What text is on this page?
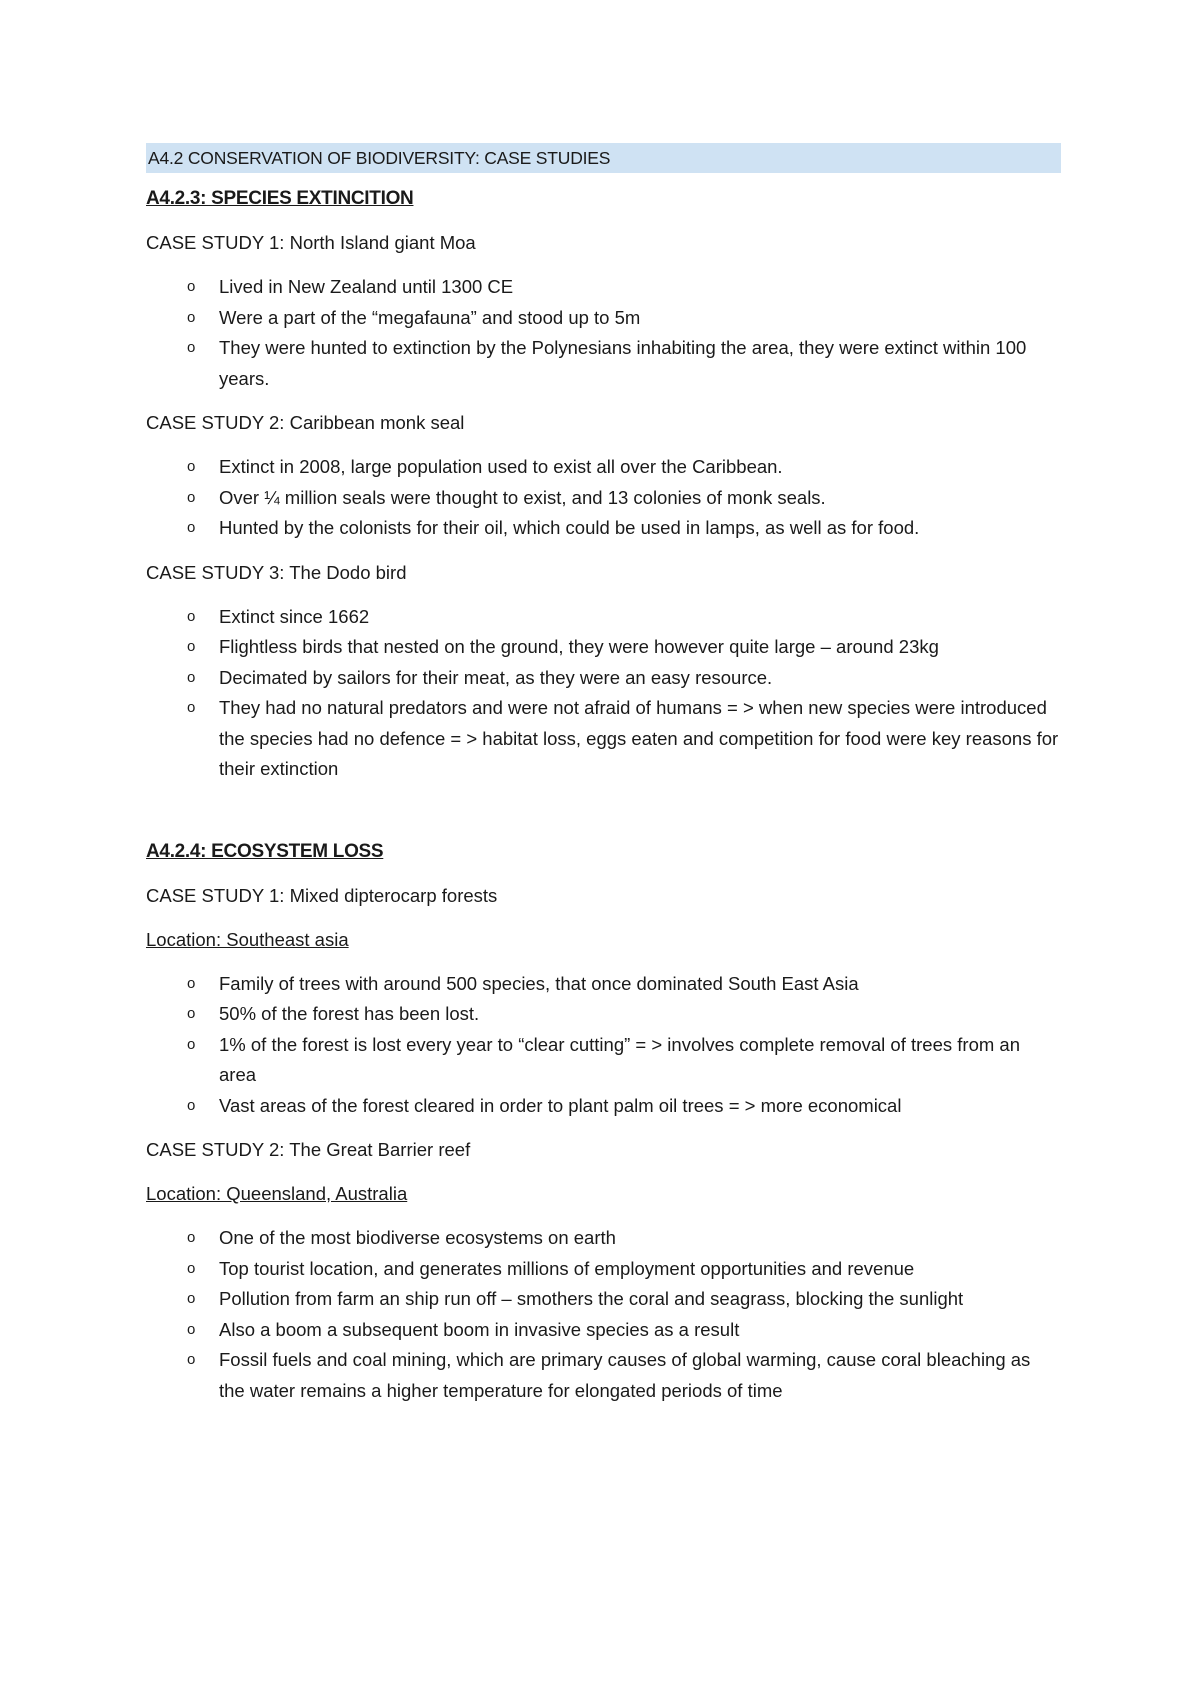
A4.2 CONSERVATION OF BIODIVERSITY: CASE STUDIES
A4.2.3: SPECIES EXTINCITION
CASE STUDY 1: North Island giant Moa
o Lived in New Zealand until 1300 CE
o Were a part of the “megafauna” and stood up to 5m
o They were hunted to extinction by the Polynesians inhabiting the area, they were extinct within 100 years.
CASE STUDY 2: Caribbean monk seal
o Extinct in 2008, large population used to exist all over the Caribbean.
o Over ¼ million seals were thought to exist, and 13 colonies of monk seals.
o Hunted by the colonists for their oil, which could be used in lamps, as well as for food.
CASE STUDY 3: The Dodo bird
o Extinct since 1662
o Flightless birds that nested on the ground, they were however quite large – around 23kg
o Decimated by sailors for their meat, as they were an easy resource.
o They had no natural predators and were not afraid of humans = > when new species were introduced the species had no defence = > habitat loss, eggs eaten and competition for food were key reasons for their extinction
A4.2.4: ECOSYSTEM LOSS
CASE STUDY 1: Mixed dipterocarp forests
Location: Southeast asia
o Family of trees with around 500 species, that once dominated South East Asia
o 50% of the forest has been lost.
o 1% of the forest is lost every year to “clear cutting” = > involves complete removal of trees from an area
o Vast areas of the forest cleared in order to plant palm oil trees = > more economical
CASE STUDY 2: The Great Barrier reef
Location: Queensland, Australia
o One of the most biodiverse ecosystems on earth
o Top tourist location, and generates millions of employment opportunities and revenue
o Pollution from farm an ship run off – smothers the coral and seagrass, blocking the sunlight
o Also a boom a subsequent boom in invasive species as a result
o Fossil fuels and coal mining, which are primary causes of global warming, cause coral bleaching as the water remains a higher temperature for elongated periods of time
